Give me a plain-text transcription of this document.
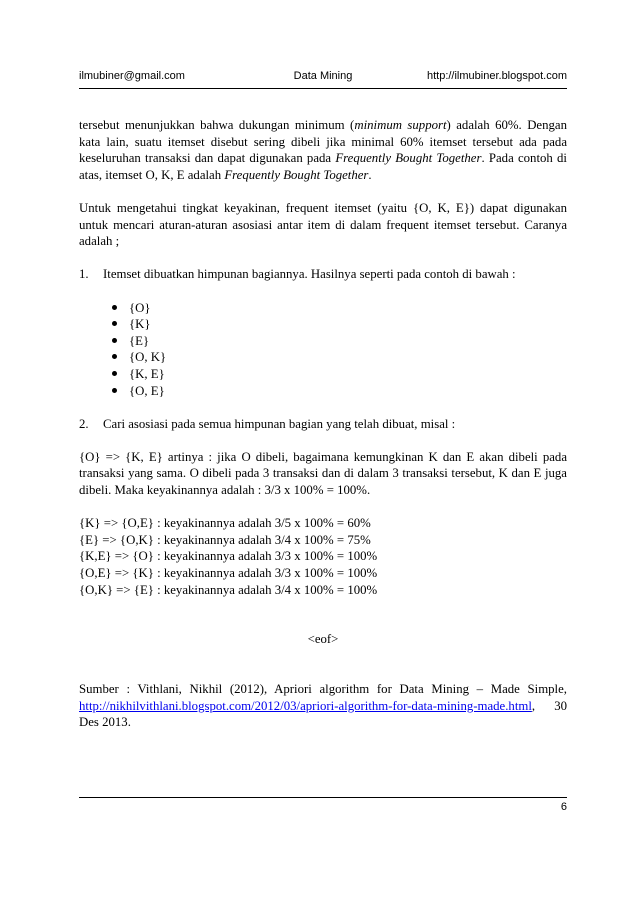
ilmubiner@gmail.com	Data Mining	http://ilmubiner.blogspot.com

tersebut menunjukkan bahwa dukungan minimum (minimum support) adalah 60%. Dengan kata lain, suatu itemset disebut sering dibeli jika minimal 60% itemset tersebut ada pada keseluruhan transaksi dan dapat digunakan pada Frequently Bought Together. Pada contoh di atas, itemset O, K, E adalah Frequently Bought Together.

Untuk mengetahui tingkat keyakinan, frequent itemset (yaitu {O, K, E}) dapat digunakan untuk mencari aturan-aturan asosiasi antar item di dalam frequent itemset tersebut. Caranya adalah ;

1.	Itemset dibuatkan himpunan bagiannya. Hasilnya seperti pada contoh di bawah :
{O}
{K}
{E}
{O, K}
{K, E}
{O, E}
2.	Cari asosiasi pada semua himpunan bagian yang telah dibuat, misal :

{O} => {K, E} artinya : jika O dibeli, bagaimana kemungkinan K dan E akan dibeli pada transaksi yang sama. O dibeli pada 3 transaksi dan di dalam 3 transaksi tersebut, K dan E juga dibeli. Maka keyakinannya adalah : 3/3 x 100% = 100%.

{K} => {O,E} : keyakinannya adalah 3/5 x 100% = 60%

{E} => {O,K} : keyakinannya adalah 3/4 x 100% = 75%

{K,E} => {O} : keyakinannya adalah 3/3 x 100% = 100%

{O,E} => {K} : keyakinannya adalah 3/3 x 100% = 100%

{O,K} => {E} : keyakinannya adalah 3/4 x 100% = 100%

<eof>

Sumber : Vithlani, Nikhil (2012), Apriori algorithm for Data Mining – Made Simple, http://nikhilvithlani.blogspot.com/2012/03/apriori-algorithm-for-data-mining-made.html, 30 Des 2013.

6
